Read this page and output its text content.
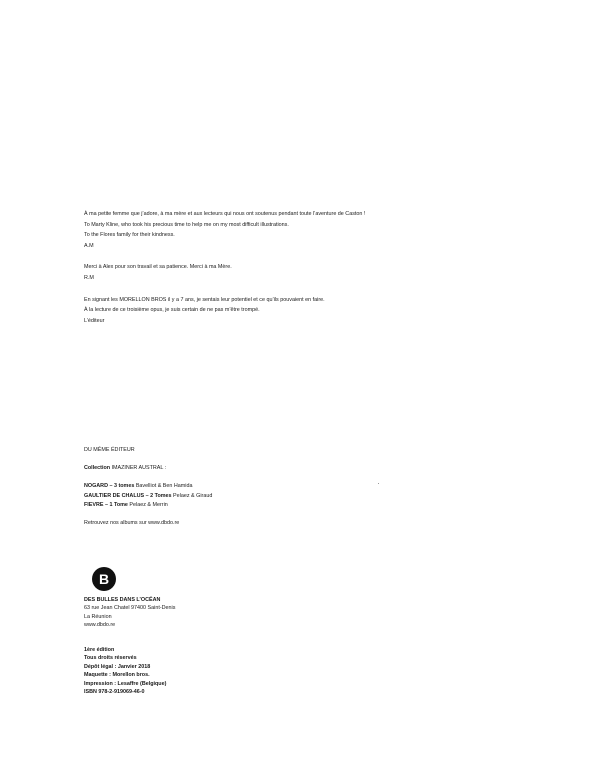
À ma petite femme que j’adore, à ma mère et aux lecteurs qui nous ont soutenus pendant toute l’aventure de Caston !
To Marty Kline, who took his precious time to help me on my most difficult illustrations.
To the Flores family for their kindness.
A.M
Merci à Alex pour son travail et sa patience. Merci à ma Mère.
R.M
En signant les MORELLON BROS il y a 7 ans, je sentais leur potentiel et ce qu’ils pouvaient en faire.
À la lecture de ce troisième opus, je suis certain de ne pas m’être trompé.
L’éditeur
DU MÊME ÉDITEUR
Collection IMAZINER AUSTRAL :
NOGARD – 3 tomes Bavelliot & Ben Hamida
GAULTIER DE CHALUS – 2 Tomes Pelaez & Giraud
FIEVRE – 1 Tome Pelaez & Merrin
Retrouvez nos albums sur www.dbdo.re
B
DES BULLES DANS L’OCÉAN
63 rue Jean Chatel 97400 Saint-Denis
La Réunion
www.dbdo.re
1ère édition
Tous droits réservés
Dépôt légal : Janvier 2018
Maquette : Morellon bros.
Impression : Lesaffre (Belgique)
ISBN 978-2-919069-46-0
